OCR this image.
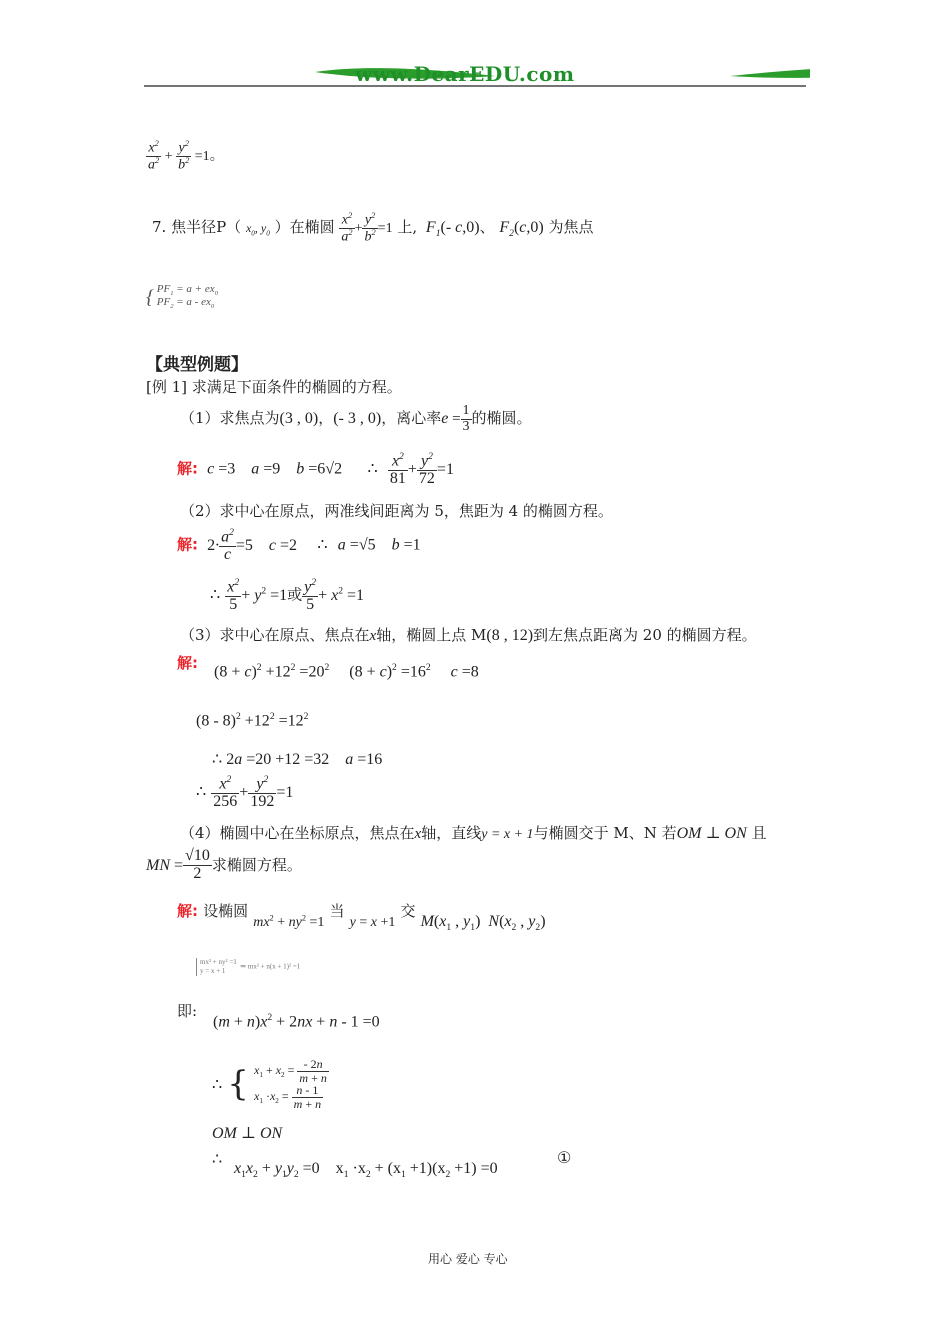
www.DearEDU.com
$\frac{x^2}{a^2} + \frac{y^2}{b^2} =1$。
7. 焦半径P（ $x_0$, $y_0$ ）在椭圆 $\frac{x^2}{a^2} + \frac{y^2}{b^2} =1$ 上,  $F_1(-$ c,0)、 $F_2(c,0)$ 为焦点
{ $PF_1 = a + ex_0$
$PF_2 = a - ex_0$
【典型例题】
[例 1] 求满足下面条件的椭圆的方程。
（1）求焦点为(3 , 0)，(- 3 , 0)，离心率$e = \frac{1}{3}$ 的椭圆。
解:  c =3    a =9    b =6√2 ∴ $\frac{x^2}{81} + \frac{y^2}{72} =1$
（2）求中心在原点，两准线间距离为 5，焦距为 4 的椭圆方程。
解: $2\cdot \frac{a^2}{c} =5$    c =2 ∴ a =√5    b =1
∴ $\frac{x^2}{5} + y^2 =1$或 $\frac{y^2}{5} + x^2 =1$
（3）求中心在原点、焦点在x轴，椭圆上点 M(8 , 12)到左焦点距离为 20 的椭圆方程。
解: $(8 + c)^2 +12^2 =20^2$     $(8 + c)^2 =16^2$ c =8
$(8 - 8)^2 +12^2 =12^2$
∴ 2a =20 +12 =32    a =16
∴ $\frac{x^2}{256} + \frac{y^2}{192} =1$
（4）椭圆中心在坐标原点，焦点在x轴，直线y = x + 1与椭圆交于 M、N 若OM ⊥ ON 且
MN = $\frac{√10}{2}$ 求椭圆方程。
解: 设椭圆 $mx^2 + ny^2 =1$ 当 y = x +1 交 $M(x_1$ , $y_1$)  $N(x_2$ , $y_2$)
mx² + ny² =1
y = x + 1  ⇒ mx² + n(x + 1)² =1
即:
$(m + n)x^2 + 2nx + n - 1 =0$
∴ { $x_1 + x_2 = \frac{- 2n}{m + n}$

$x_1 \cdot x_2 = \frac{n - 1}{m + n}$
OM ⊥ ON
∴
$x_1x_2 + y_1y_2 =0$    $x_1 \cdot x_2 + (x_1 +1)(x_2 +1) =0$
①
用心 爱心 专心
